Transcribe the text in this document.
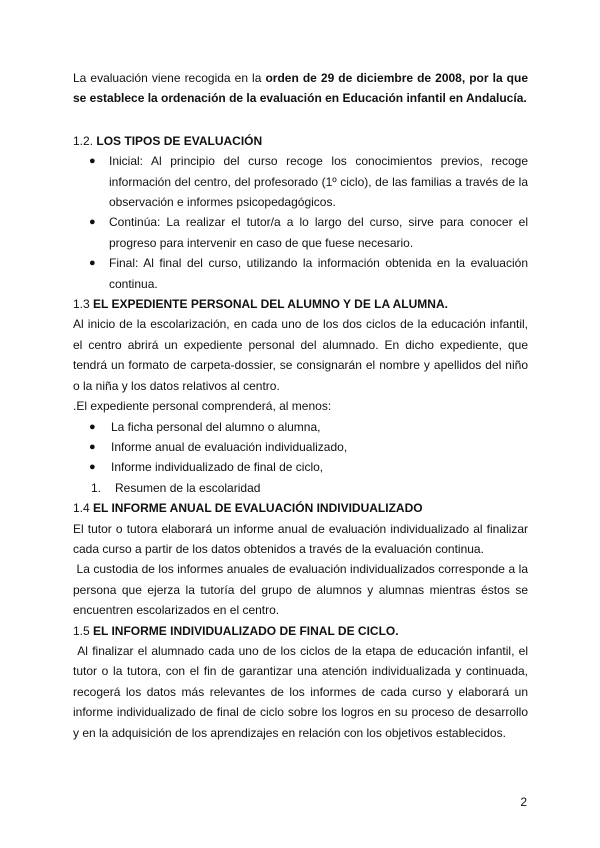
La evaluación viene recogida en la orden de 29 de diciembre de 2008, por la que se establece la ordenación de la evaluación en Educación infantil en Andalucía.

1.2. LOS TIPOS DE EVALUACIÓN

● Inicial: Al principio del curso recoge los conocimientos previos, recoge información del centro, del profesorado (1º ciclo), de las familias a través de la observación e informes psicopedagógicos.
● Continúa: La realizar el tutor/a a lo largo del curso, sirve para conocer el progreso para intervenir en caso de que fuese necesario.
● Final: Al final del curso, utilizando la información obtenida en la evaluación continua.

1.3 EL EXPEDIENTE PERSONAL DEL ALUMNO Y DE LA ALUMNA.

Al inicio de la escolarización, en cada uno de los dos ciclos de la educación infantil, el centro abrirá un expediente personal del alumnado. En dicho expediente, que tendrá un formato de carpeta-dossier, se consignarán el nombre y apellidos del niño o la niña y los datos relativos al centro.

.El expediente personal comprenderá, al menos:

● La ficha personal del alumno o alumna,
● Informe anual de evaluación individualizado,
● Informe individualizado de final de ciclo,
1. Resumen de la escolaridad

1.4 EL INFORME ANUAL DE EVALUACIÓN INDIVIDUALIZADO

El tutor o tutora elaborará un informe anual de evaluación individualizado al finalizar cada curso a partir de los datos obtenidos a través de la evaluación continua.

La custodia de los informes anuales de evaluación individualizados corresponde a la persona que ejerza la tutoría del grupo de alumnos y alumnas mientras éstos se encuentren escolarizados en el centro.

1.5 EL INFORME INDIVIDUALIZADO DE FINAL DE CICLO.

Al finalizar el alumnado cada uno de los ciclos de la etapa de educación infantil, el tutor o la tutora, con el fin de garantizar una atención individualizada y continuada, recogerá los datos más relevantes de los informes de cada curso y elaborará un informe individualizado de final de ciclo sobre los logros en su proceso de desarrollo y en la adquisición de los aprendizajes en relación con los objetivos establecidos.

2
